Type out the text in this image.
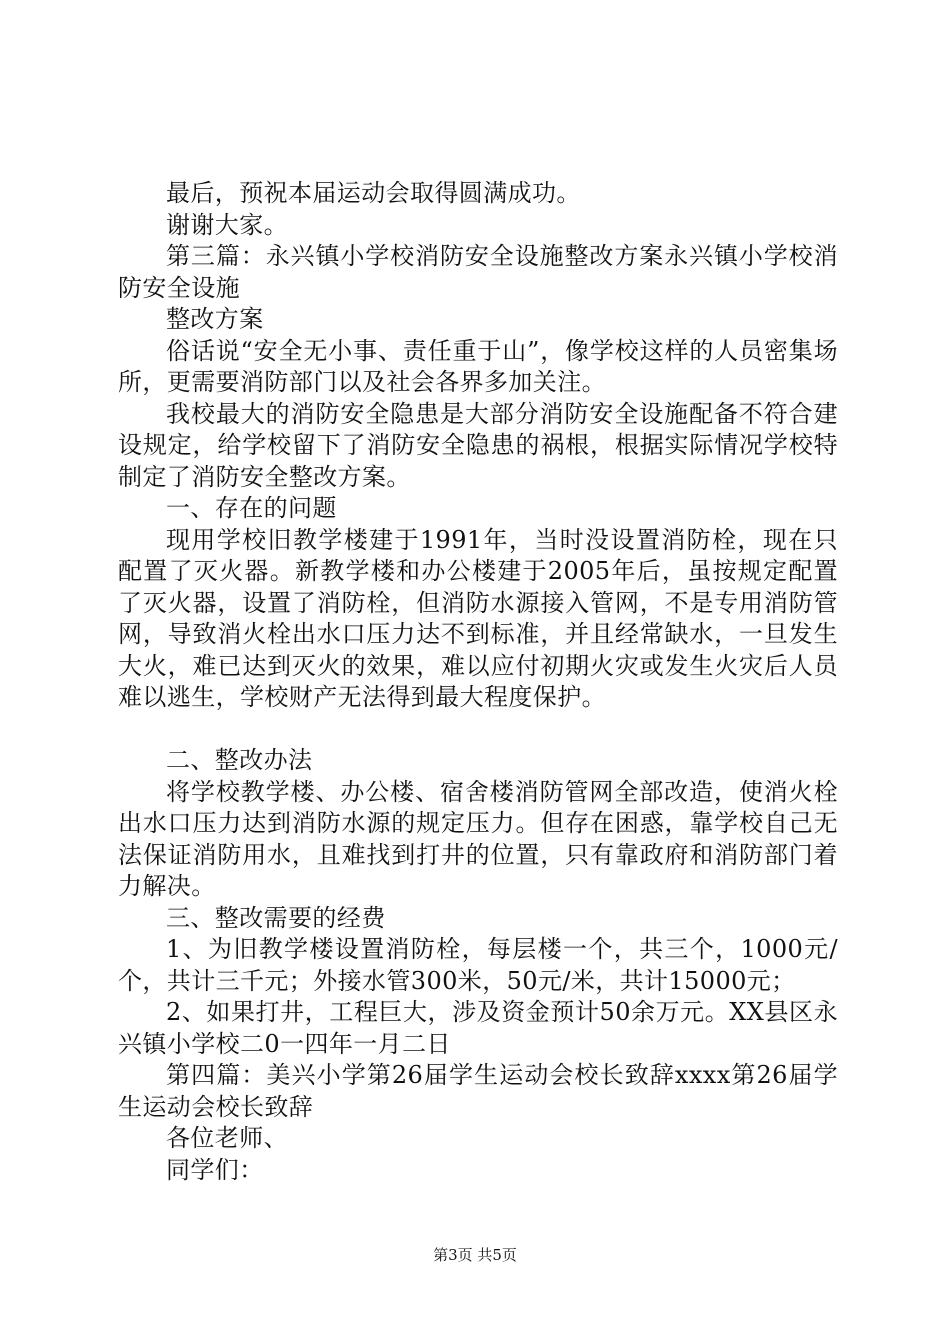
最后，预祝本届运动会取得圆满成功。

谢谢大家。

第三篇：永兴镇小学校消防安全设施整改方案永兴镇小学校消防安全设施

整改方案

俗话说“安全无小事、责任重于山”，像学校这样的人员密集场所，更需要消防部门以及社会各界多加关注。

我校最大的消防安全隐患是大部分消防安全设施配备不符合建设规定，给学校留下了消防安全隐患的祸根，根据实际情况学校特制定了消防安全整改方案。

一、存在的问题

现用学校旧教学楼建于1991年，当时没设置消防栓，现在只配置了灭火器。新教学楼和办公楼建于2005年后，虽按规定配置了灭火器，设置了消防栓，但消防水源接入管网，不是专用消防管网，导致消火栓出水口压力达不到标准，并且经常缺水，一旦发生大火，难已达到灭火的效果，难以应付初期火灾或发生火灾后人员难以逃生，学校财产无法得到最大程度保护。

二、整改办法

将学校教学楼、办公楼、宿舍楼消防管网全部改造，使消火栓出水口压力达到消防水源的规定压力。但存在困惑，靠学校自己无法保证消防用水，且难找到打井的位置，只有靠政府和消防部门着力解决。

三、整改需要的经费

1、为旧教学楼设置消防栓，每层楼一个，共三个，1000元/个，共计三千元；外接水管300米，50元/米，共计15000元；

2、如果打井，工程巨大，涉及资金预计50余万元。XX县区永兴镇小学校二0一四年一月二日

第四篇：美兴小学第26届学生运动会校长致辞xxxx第26届学生运动会校长致辞

各位老师、

同学们：

第3页 共5页
